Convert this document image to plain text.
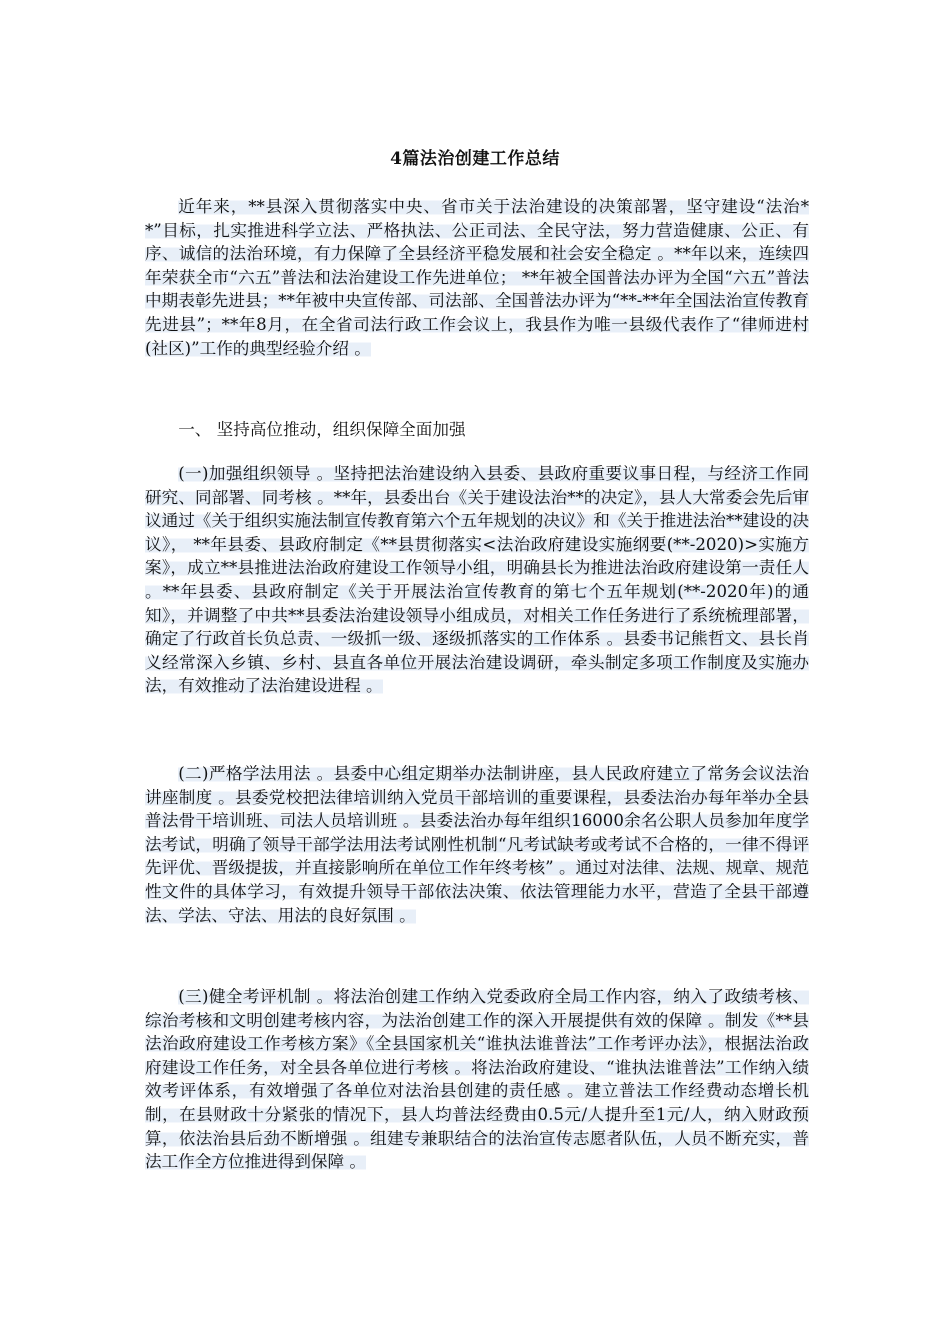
4篇法治创建工作总结
近年来，**县深入贯彻落实中央、省市关于法治建设的决策部署，坚守建设“法治**”目标，扎实推进科学立法、严格执法、公正司法、全民守法，努力营造健康、公正、有序、诚信的法治环境，有力保障了全县经济平稳发展和社会安全稳定 。**年以来，连续四年荣获全市“六五”普法和法治建设工作先进单位； **年被全国普法办评为全国“六五”普法中期表彰先进县；**年被中央宣传部、司法部、全国普法办评为“**-**年全国法治宣传教育先进县”；**年8月，在全省司法行政工作会议上，我县作为唯一县级代表作了“律师进村(社区)”工作的典型经验介绍 。
一、 坚持高位推动，组织保障全面加强
(一)加强组织领导 。坚持把法治建设纳入县委、县政府重要议事日程，与经济工作同研究、同部署、同考核 。**年，县委出台《关于建设法治**的决定》，县人大常委会先后审议通过《关于组织实施法制宣传教育第六个五年规划的决议》和《关于推进法治**建设的决议》， **年县委、县政府制定《**县贯彻落实<法治政府建设实施纲要(**-2020)>实施方案》，成立**县推进法治政府建设工作领导小组，明确县长为推进法治政府建设第一责任人 。**年县委、县政府制定《关于开展法治宣传教育的第七个五年规划(**-2020年)的通知》，并调整了中共**县委法治建设领导小组成员，对相关工作任务进行了系统梳理部署，确定了行政首长负总责、一级抓一级、逐级抓落实的工作体系 。县委书记熊哲文、县长肖义经常深入乡镇、乡村、县直各单位开展法治建设调研，牵头制定多项工作制度及实施办法，有效推动了法治建设进程 。
(二)严格学法用法 。县委中心组定期举办法制讲座，县人民政府建立了常务会议法治讲座制度 。县委党校把法律培训纳入党员干部培训的重要课程，县委法治办每年举办全县普法骨干培训班、司法人员培训班 。县委法治办每年组织16000余名公职人员参加年度学法考试，明确了领导干部学法用法考试刚性机制“凡考试缺考或考试不合格的，一律不得评先评优、晋级提拔，并直接影响所在单位工作年终考核” 。通过对法律、法规、规章、规范性文件的具体学习，有效提升领导干部依法决策、依法管理能力水平，营造了全县干部遵法、学法、守法、用法的良好氛围 。
(三)健全考评机制 。将法治创建工作纳入党委政府全局工作内容，纳入了政绩考核、综治考核和文明创建考核内容，为法治创建工作的深入开展提供有效的保障 。制发《**县法治政府建设工作考核方案》《全县国家机关“谁执法谁普法”工作考评办法》，根据法治政府建设工作任务，对全县各单位进行考核 。将法治政府建设、“谁执法谁普法”工作纳入绩效考评体系，有效增强了各单位对法治县创建的责任感 。建立普法工作经费动态增长机制，在县财政十分紧张的情况下，县人均普法经费由0.5元/人提升至1元/人，纳入财政预算，依法治县后劲不断增强 。组建专兼职结合的法治宣传志愿者队伍，人员不断充实，普法工作全方位推进得到保障 。
